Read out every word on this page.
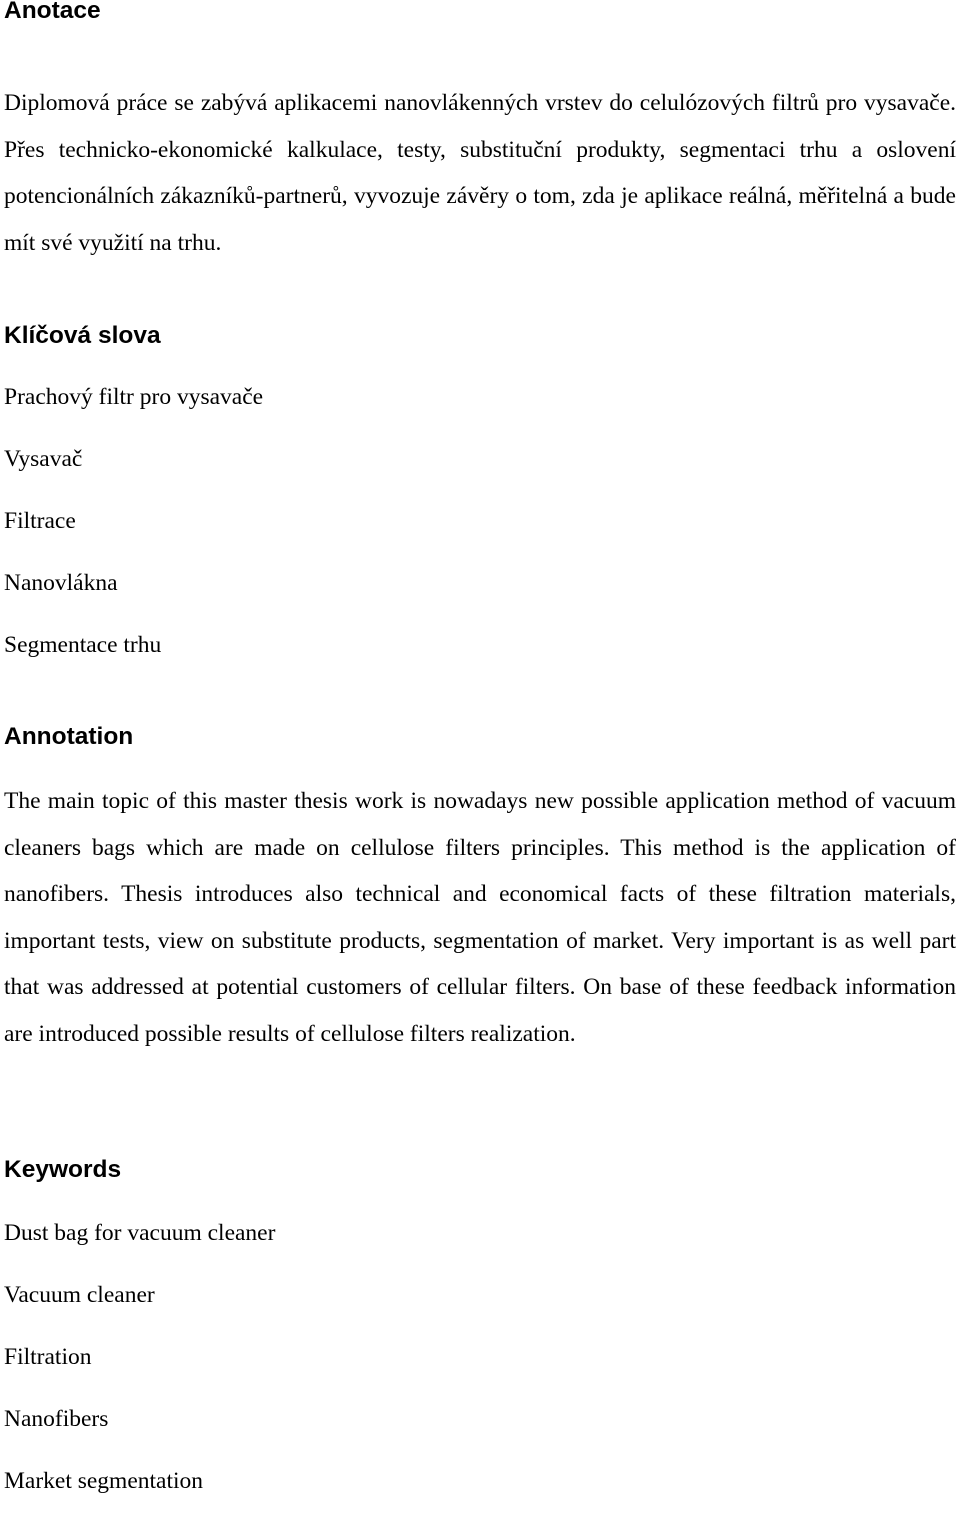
Anotace

Diplomová práce se zabývá aplikacemi nanovlákenných vrstev do celulózových filtrů pro vysavače. Přes technicko-ekonomické kalkulace, testy, substituční produkty, segmentaci trhu a oslovení potencionálních zákazníků-partnerů, vyvozuje závěry o tom, zda je aplikace reálná, měřitelná a bude mít své využití na trhu.

Klíčová slova
Prachový filtr pro vysavače
Vysavač
Filtrace
Nanovlákna
Segmentace trhu
Annotation

The main topic of this master thesis work is nowadays new possible application method of vacuum cleaners bags which are made on cellulose filters principles. This method is the application of nanofibers. Thesis introduces also technical and economical facts of these filtration materials, important tests, view on substitute products, segmentation of market. Very important is as well part that was addressed at potential customers of cellular filters. On base of these feedback information are introduced possible results of cellulose filters realization.

Keywords
Dust bag for vacuum cleaner
Vacuum cleaner
Filtration
Nanofibers
Market segmentation
